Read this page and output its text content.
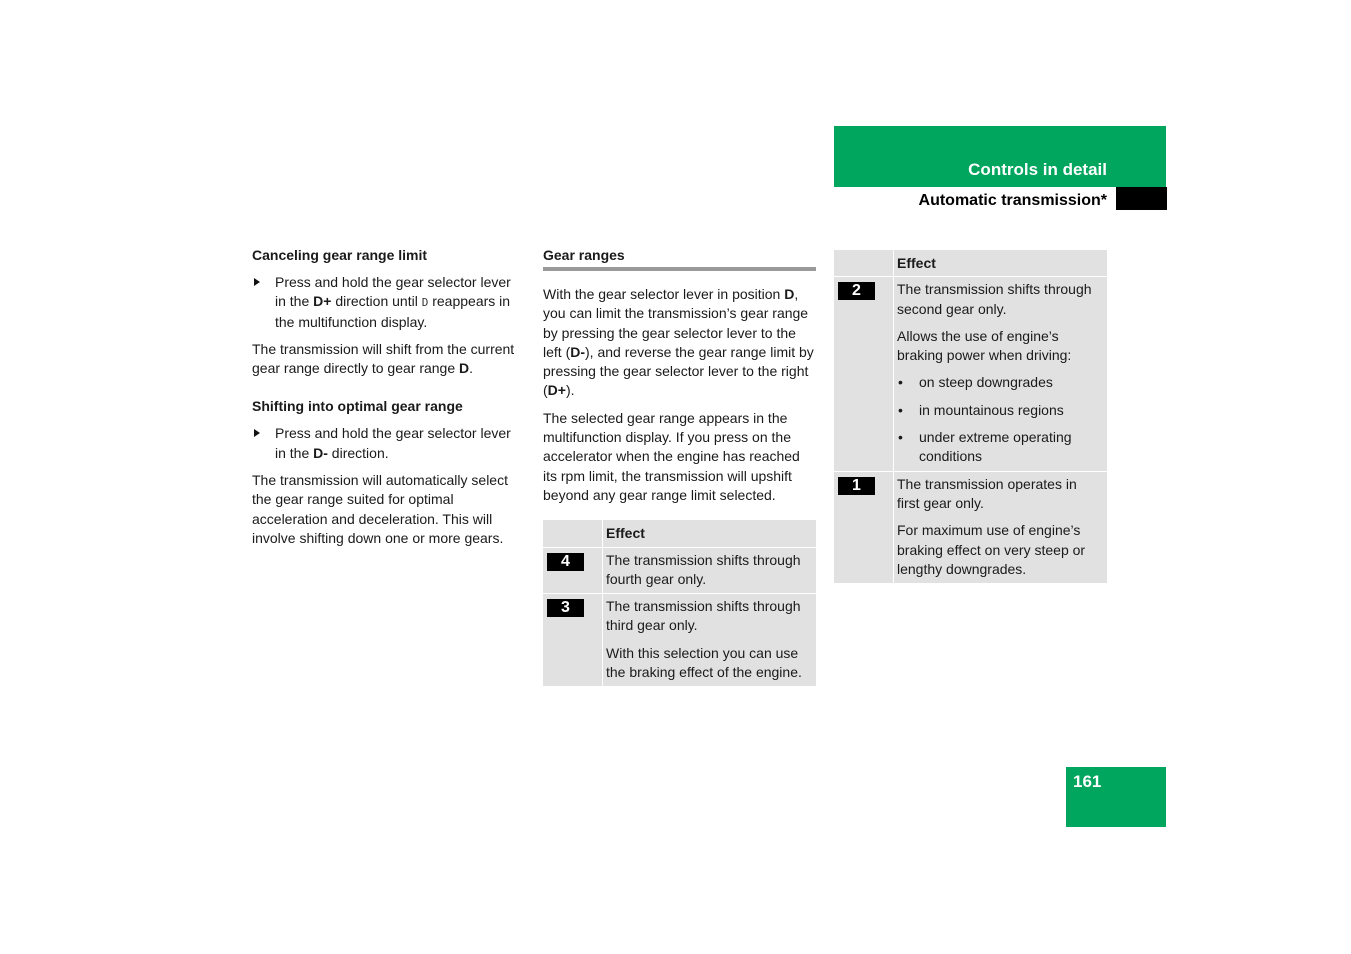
Controls in detail
Automatic transmission*
Canceling gear range limit
Press and hold the gear selector lever in the D+ direction until D reappears in the multifunction display.

The transmission will shift from the current gear range directly to gear range D.

Shifting into optimal gear range
Press and hold the gear selector lever in the D- direction.

The transmission will automatically select the gear range suited for optimal acceleration and deceleration. This will involve shifting down one or more gears.

Gear ranges

With the gear selector lever in position D, you can limit the transmission’s gear range by pressing the gear selector lever to the left (D-), and reverse the gear range limit by pressing the gear selector lever to the right (D+).

The selected gear range appears in the multifunction display. If you press on the accelerator when the engine has reached its rpm limit, the transmission will upshift beyond any gear range limit selected.

	Effect
4	The transmission shifts through fourth gear only.

3	The transmission shifts through third gear only.

With this selection you can use the braking effect of the engine.

	Effect
2	The transmission shifts through second gear only.

Allows the use of engine’s braking power when driving:

• on steep downgrades
• in mountainous regions
• under extreme operating conditions

1	The transmission operates in first gear only.

For maximum use of engine’s braking effect on very steep or lengthy downgrades.

161
